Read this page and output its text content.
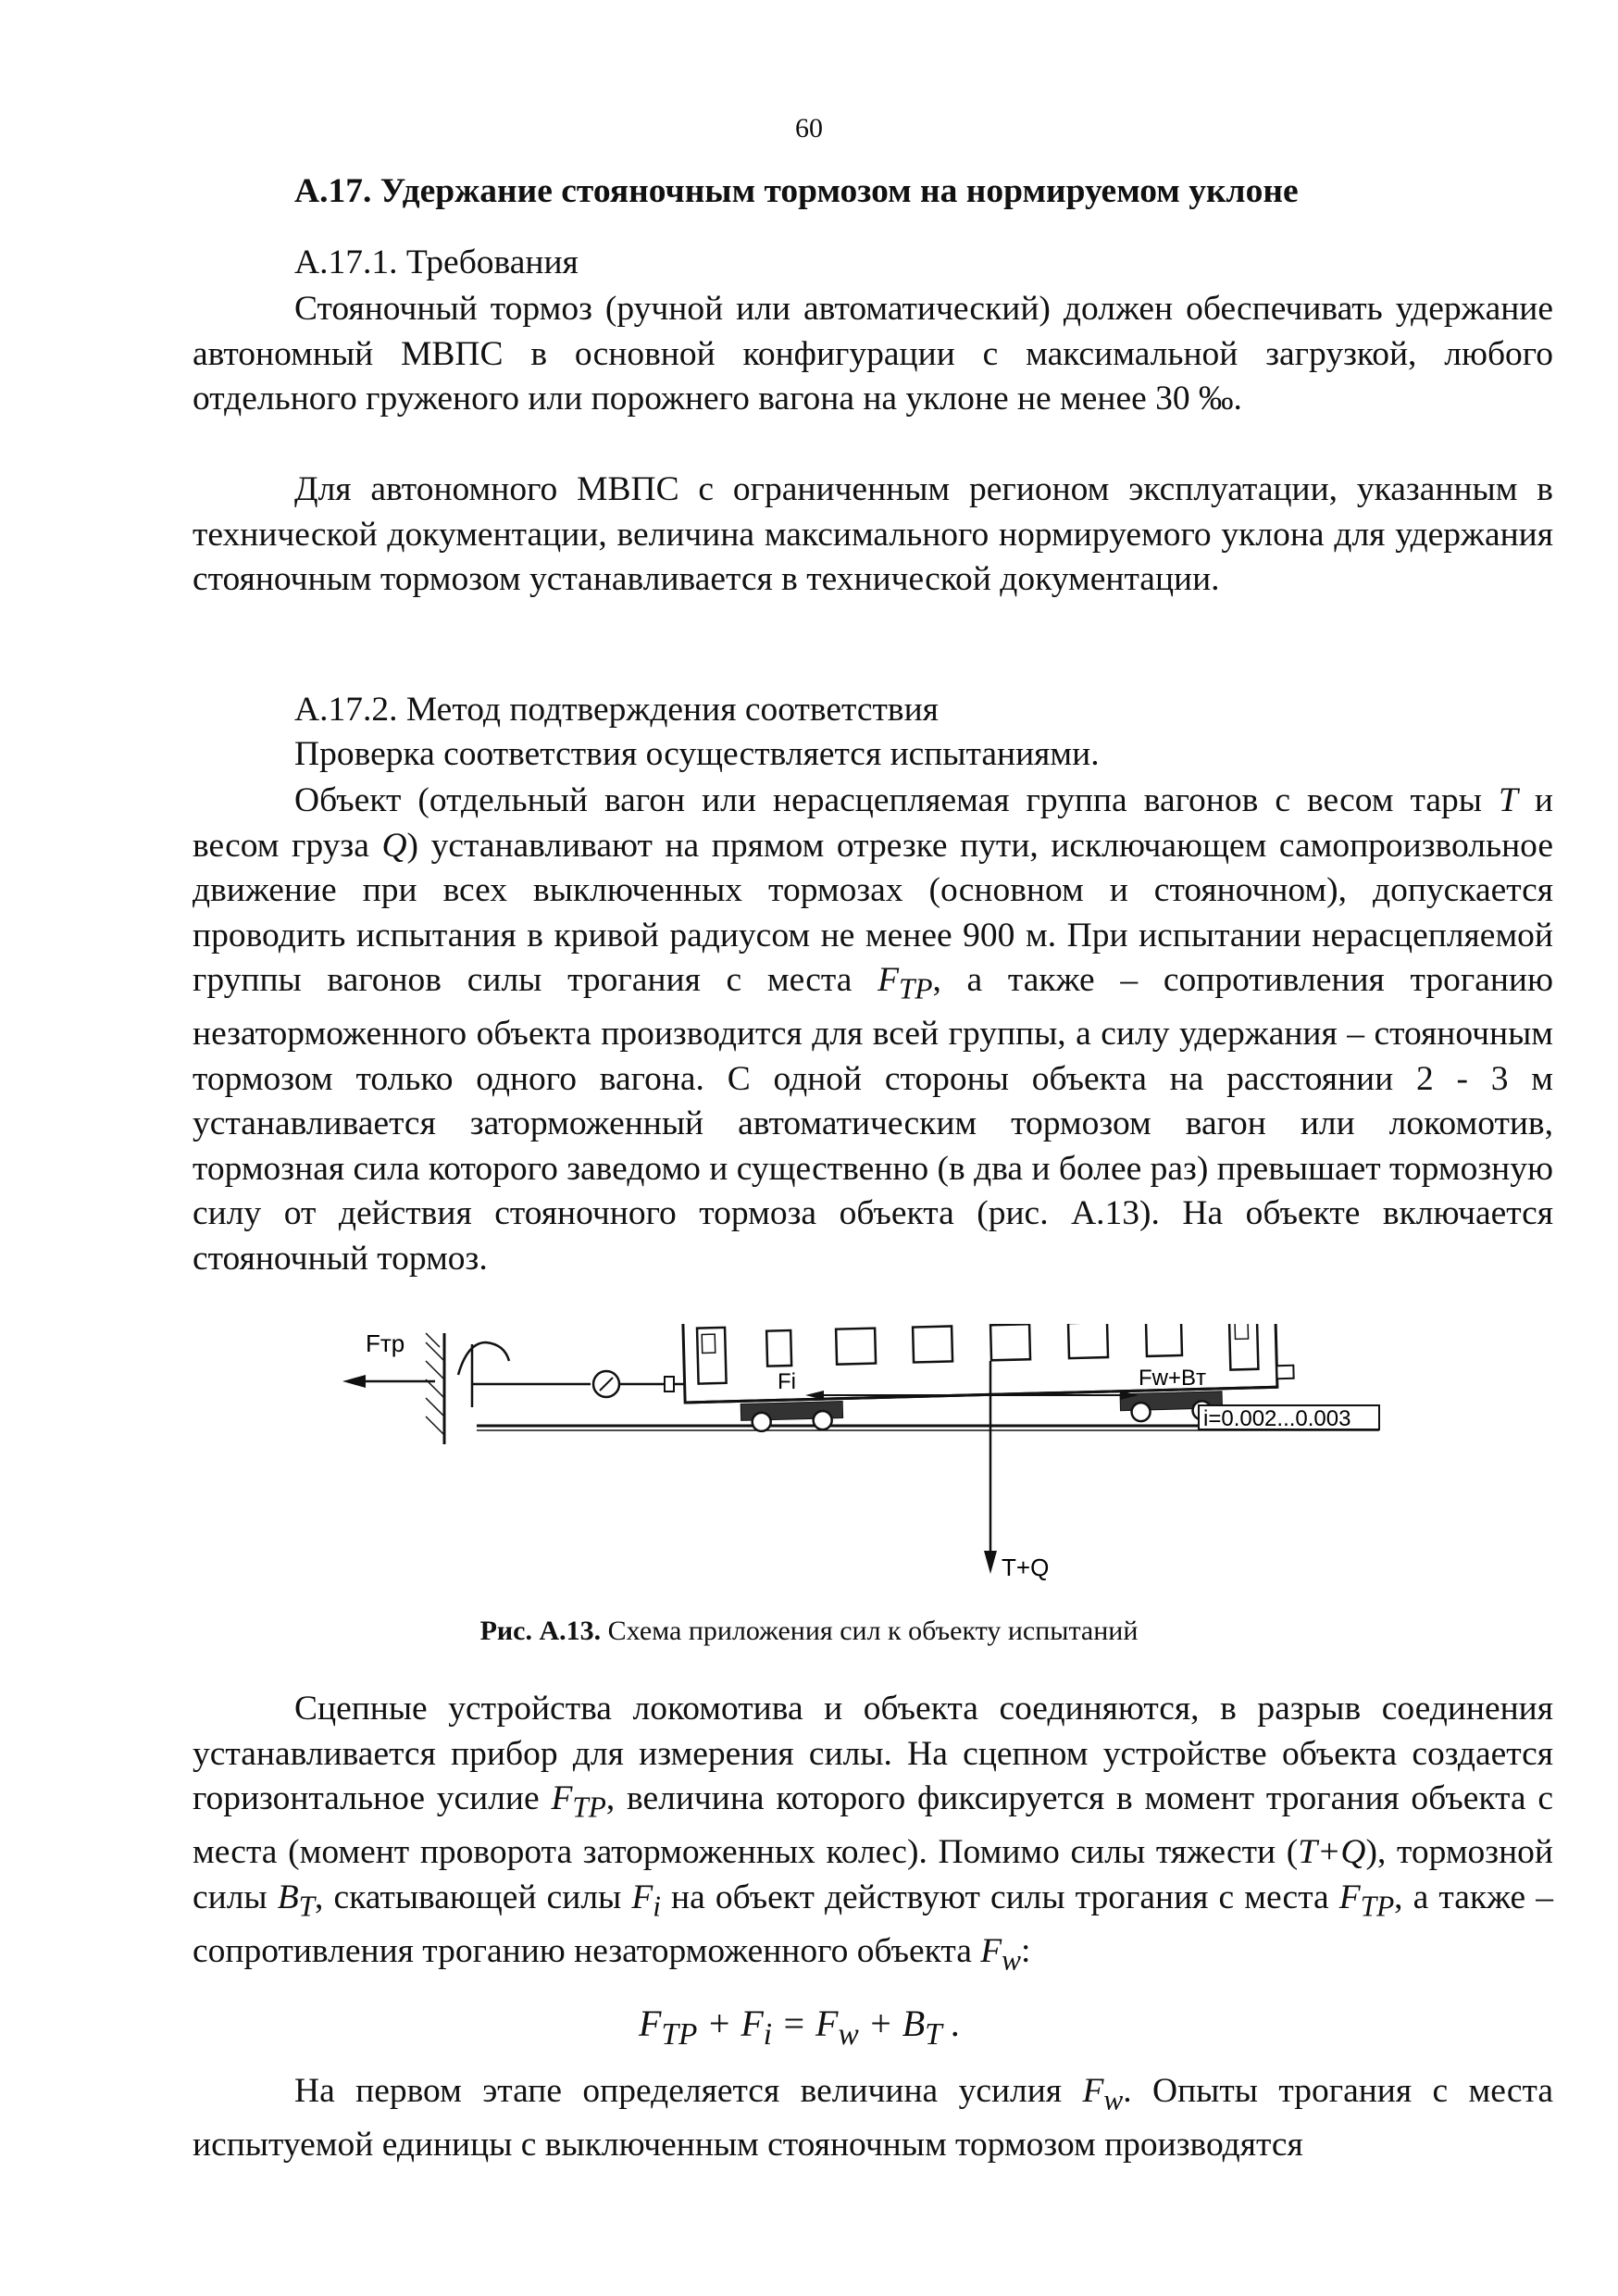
60
А.17. Удержание стояночным тормозом на нормируемом уклоне
А.17.1. Требования
Стояночный тормоз (ручной или автоматический) должен обеспечивать удержание автономный МВПС в основной конфигурации с максимальной загрузкой, любого отдельного груженого или порожнего вагона на уклоне не менее 30 ‰.
Для автономного МВПС с ограниченным регионом эксплуатации, указанным в технической документации, величина максимального нормируемого уклона для удержания стояночным тормозом устанавливается в технической документации.
А.17.2. Метод подтверждения соответствия
Проверка соответствия осуществляется испытаниями.
Объект (отдельный вагон или нерасцепляемая группа вагонов с весом тары T и весом груза Q) устанавливают на прямом отрезке пути, исключающем самопроизвольное движение при всех выключенных тормозах (основном и стояночном), допускается проводить испытания в кривой радиусом не менее 900 м. При испытании нерасцепляемой группы вагонов силы трогания с места $F_{ТР}$, а также – сопротивления троганию незаторможенного объекта производится для всей группы, а силу удержания – стояночным тормозом только одного вагона. С одной стороны объекта на расстоянии 2 - 3 м устанавливается заторможенный автоматическим тормозом вагон или локомотив, тормозная сила которого заведомо и существенно (в два и более раз) превышает тормозную силу от действия стояночного тормоза объекта (рис. А.13). На объекте включается стояночный тормоз.
Fтр
Fi	Fw+Bт
i=0.002...0.003
T+Q
Рис. А.13. Схема приложения сил к объекту испытаний
Сцепные устройства локомотива и объекта соединяются, в разрыв соединения устанавливается прибор для измерения силы. На сцепном устройстве объекта создается горизонтальное усилие $F_{ТР}$, величина которого фиксируется в момент трогания объекта с места (момент проворота заторможенных колес). Помимо силы тяжести (T+Q), тормозной силы $B_T$, скатывающей силы $F_i$ на объект действуют силы трогания с места $F_{ТР}$, а также – сопротивления троганию незаторможенного объекта $F_w$:
$F_{ТР} + F_i = F_w + B_T$ .
На первом этапе определяется величина усилия $F_w$. Опыты трогания с места испытуемой единицы с выключенным стояночным тормозом производятся
